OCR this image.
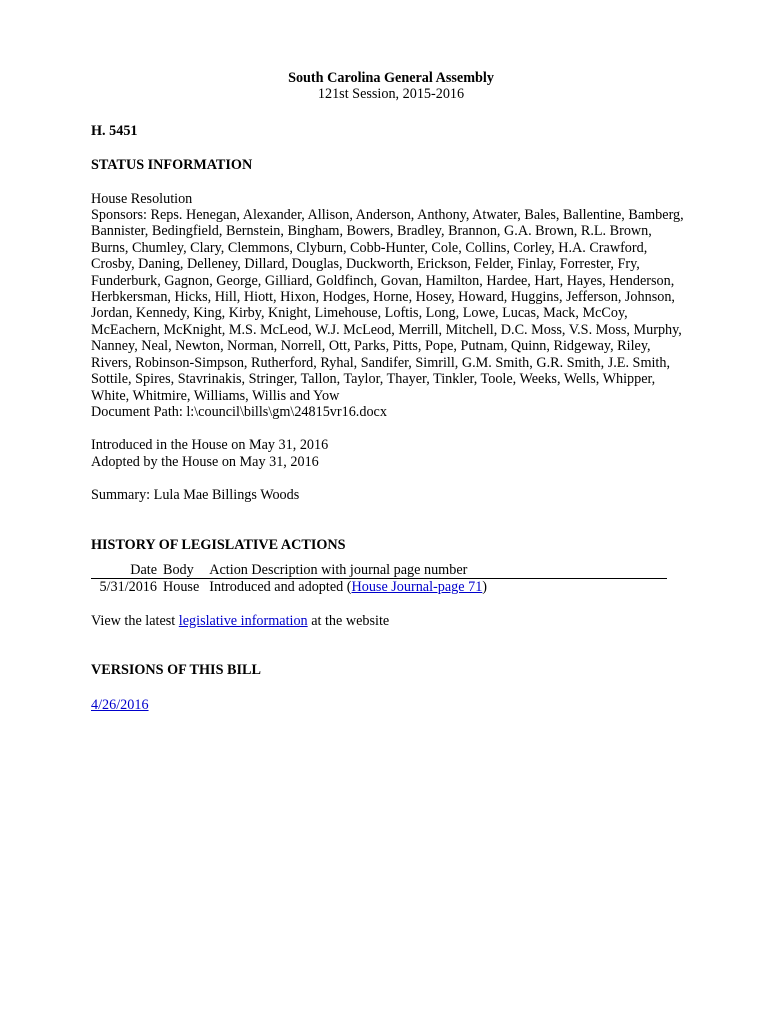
South Carolina General Assembly
121st Session, 2015-2016
H. 5451
STATUS INFORMATION
House Resolution

Sponsors: Reps. Henegan, Alexander, Allison, Anderson, Anthony, Atwater, Bales, Ballentine, Bamberg, Bannister, Bedingfield, Bernstein, Bingham, Bowers, Bradley, Brannon, G.A. Brown, R.L. Brown, Burns, Chumley, Clary, Clemmons, Clyburn, Cobb-Hunter, Cole, Collins, Corley, H.A. Crawford, Crosby, Daning, Delleney, Dillard, Douglas, Duckworth, Erickson, Felder, Finlay, Forrester, Fry, Funderburk, Gagnon, George, Gilliard, Goldfinch, Govan, Hamilton, Hardee, Hart, Hayes, Henderson, Herbkersman, Hicks, Hill, Hiott, Hixon, Hodges, Horne, Hosey, Howard, Huggins, Jefferson, Johnson, Jordan, Kennedy, King, Kirby, Knight, Limehouse, Loftis, Long, Lowe, Lucas, Mack, McCoy, McEachern, McKnight, M.S. McLeod, W.J. McLeod, Merrill, Mitchell, D.C. Moss, V.S. Moss, Murphy, Nanney, Neal, Newton, Norman, Norrell, Ott, Parks, Pitts, Pope, Putnam, Quinn, Ridgeway, Riley, Rivers, Robinson-Simpson, Rutherford, Ryhal, Sandifer, Simrill, G.M. Smith, G.R. Smith, J.E. Smith, Sottile, Spires, Stavrinakis, Stringer, Tallon, Taylor, Thayer, Tinkler, Toole, Weeks, Wells, Whipper, White, Whitmire, Williams, Willis and Yow

Document Path: l:\council\bills\gm\24815vr16.docx
Introduced in the House on May 31, 2016
Adopted by the House on May 31, 2016
Summary: Lula Mae Billings Woods
HISTORY OF LEGISLATIVE ACTIONS
Date	Body	Action Description with journal page number
5/31/2016	House	Introduced and adopted (House Journal-page 71)
View the latest legislative information at the website
VERSIONS OF THIS BILL
4/26/2016
